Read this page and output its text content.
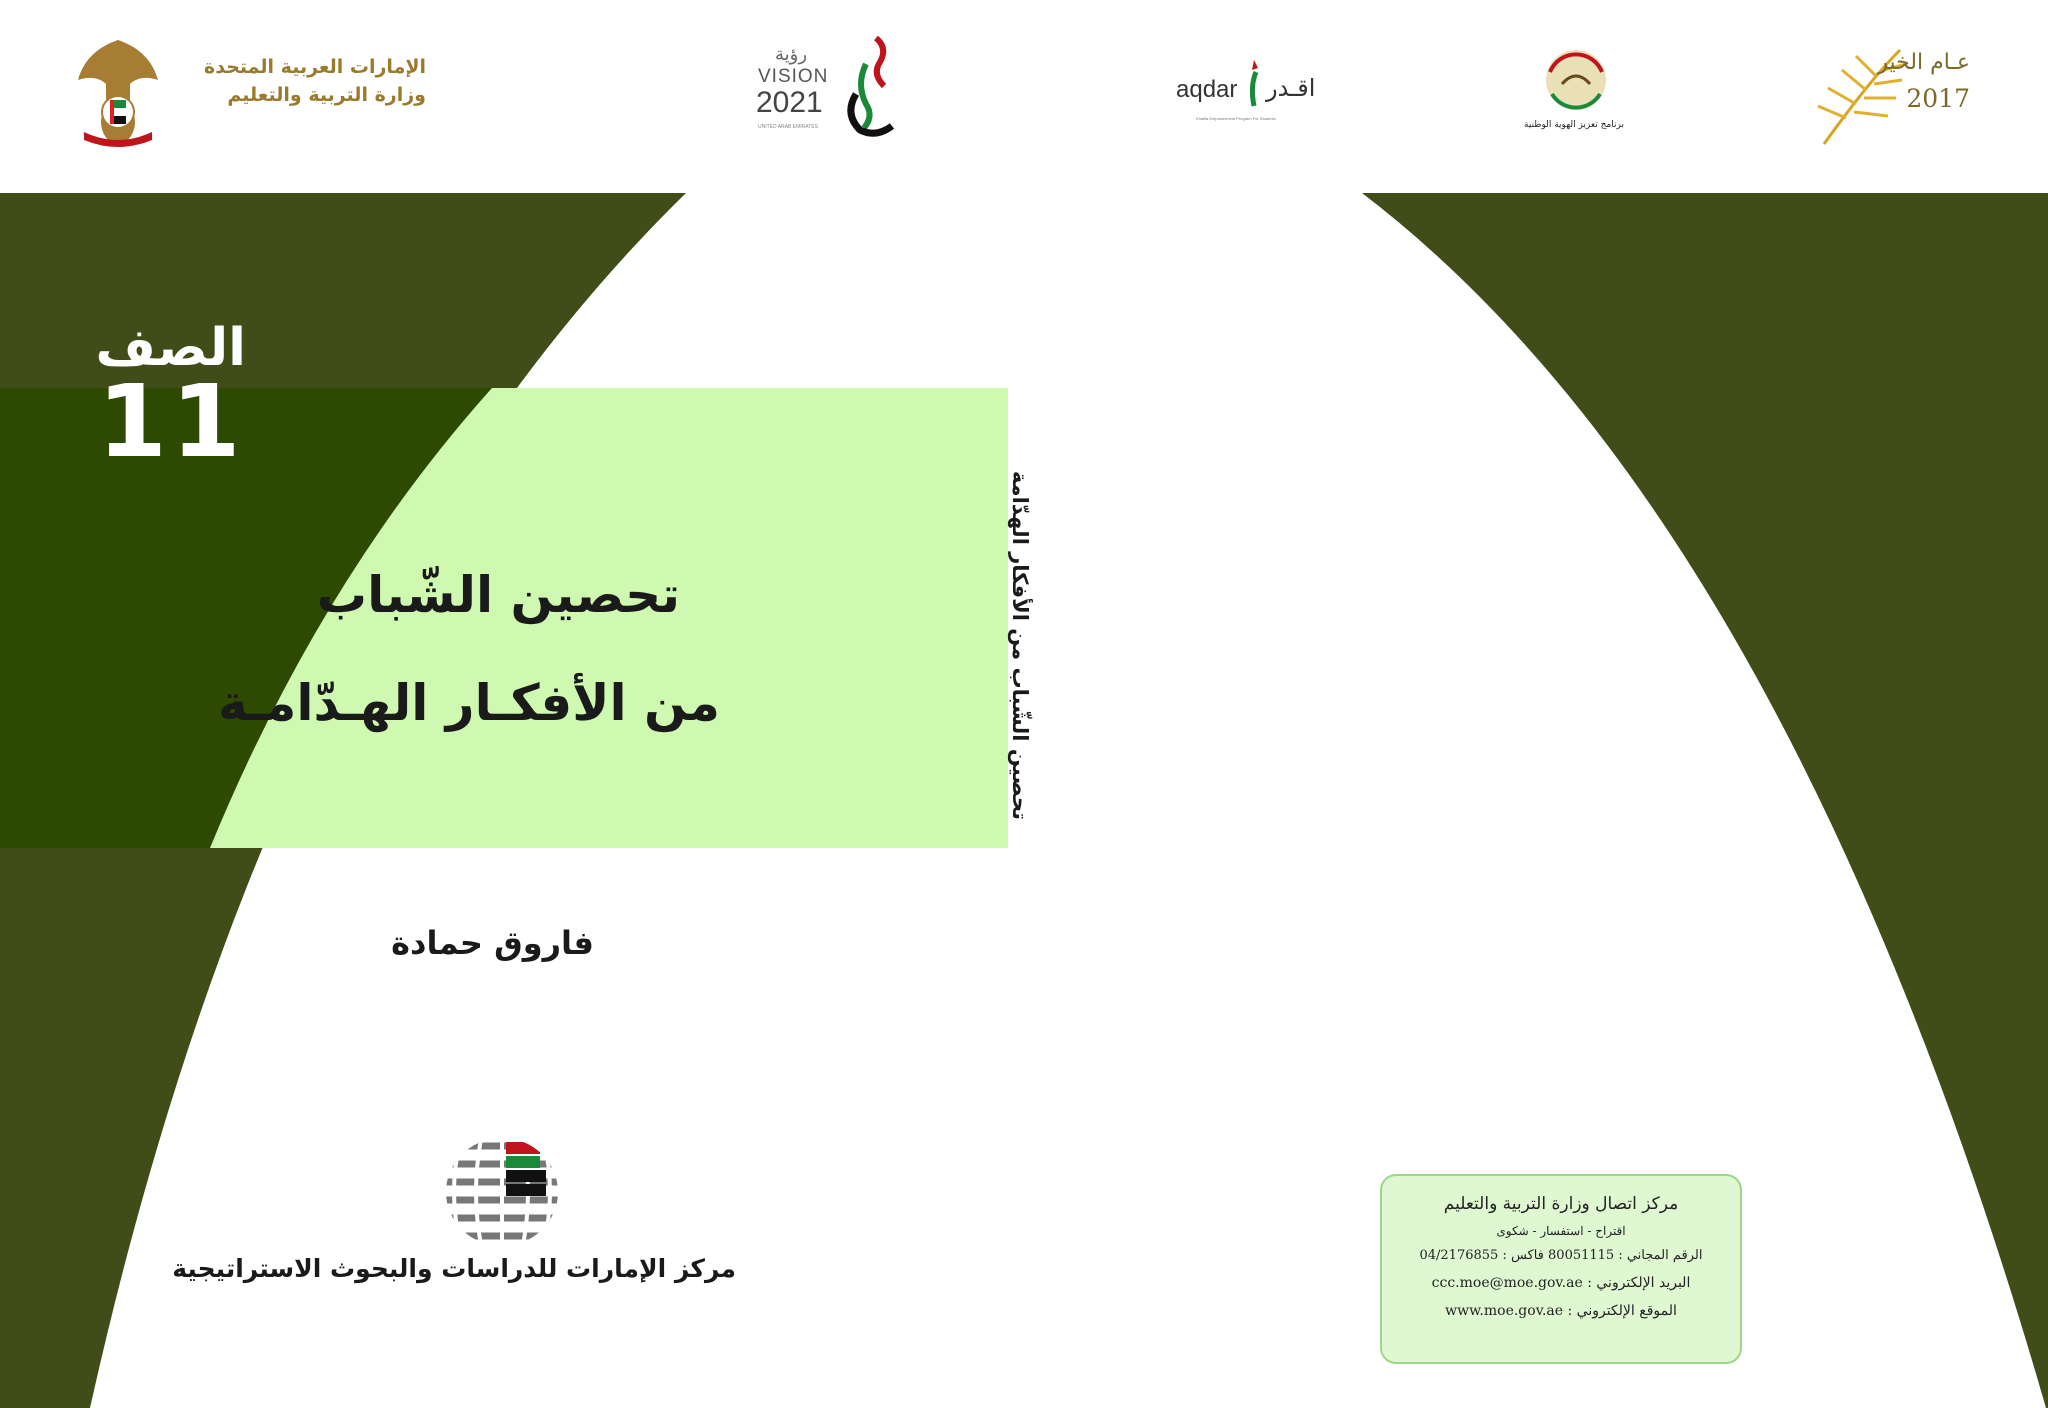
الإمارات العربية المتحدة
وزارة التربية والتعليم
رؤية
VISION
2021
UNITED ARAB EMIRATES
aqdar اقـدر
Khalifa Empowerment Program For Students
برنامج تعزيز الهوية الوطنية
عـام الخير
2017
الصف
11
تحصين الشّباب
من الأفكـار الهـدّامـة	تحصين الشّباب من الأفكار الهدّامة
فاروق حمادة
مركز الإمارات للدراسات والبحوث الاستراتيجية
مركز اتصال وزارة التربية والتعليم
اقتراح - استفسار - شكوى
الرقم المجاني : 80051115 فاكس : 04/2176855
البريد الإلكتروني : ccc.moe@moe.gov.ae
الموقع الإلكتروني : www.moe.gov.ae
